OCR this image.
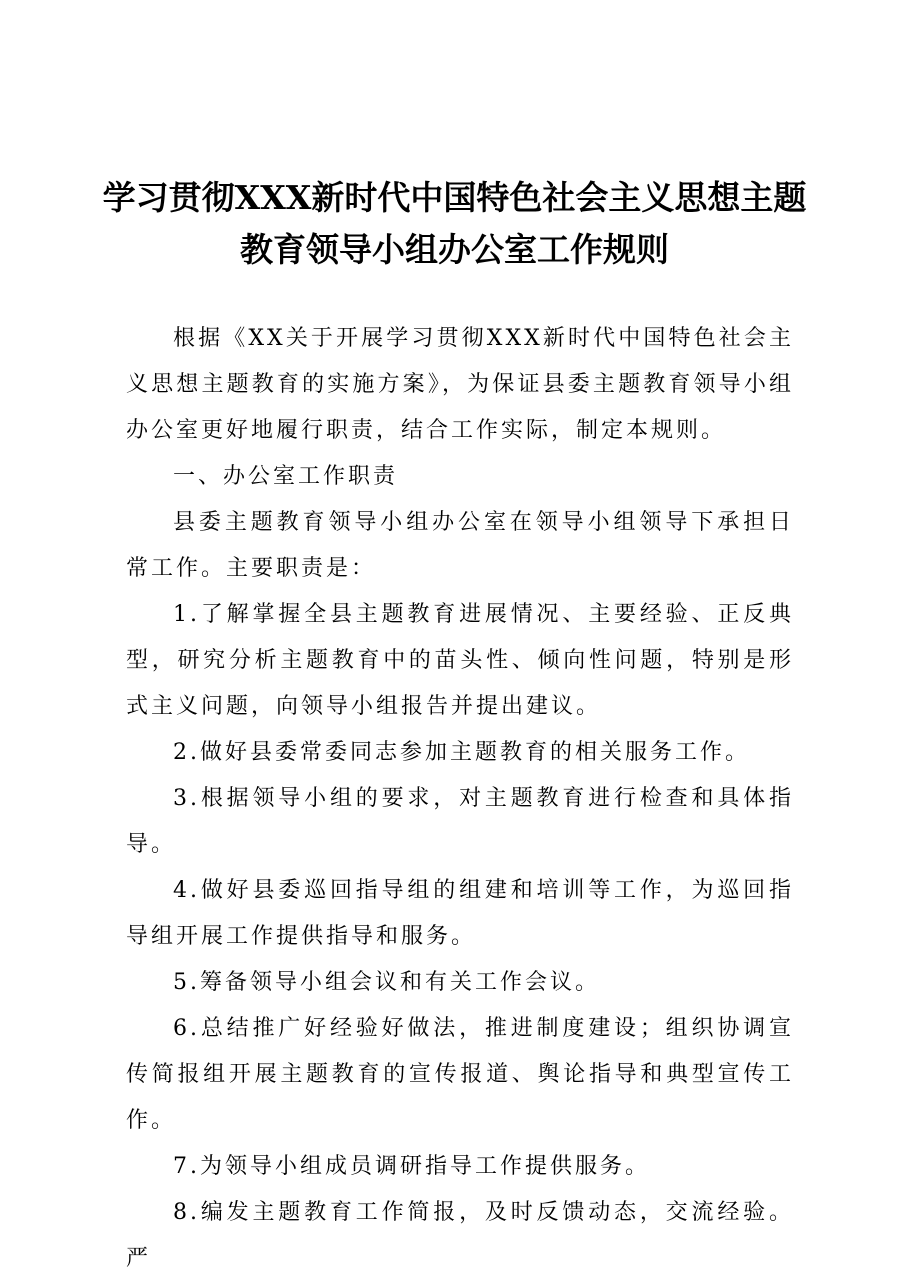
学习贯彻XXX新时代中国特色社会主义思想主题教育领导小组办公室工作规则

根据《XX关于开展学习贯彻XXX新时代中国特色社会主义思想主题教育的实施方案》，为保证县委主题教育领导小组办公室更好地履行职责，结合工作实际，制定本规则。

一、办公室工作职责

县委主题教育领导小组办公室在领导小组领导下承担日常工作。主要职责是：

1.了解掌握全县主题教育进展情况、主要经验、正反典型，研究分析主题教育中的苗头性、倾向性问题，特别是形式主义问题，向领导小组报告并提出建议。

2.做好县委常委同志参加主题教育的相关服务工作。

3.根据领导小组的要求，对主题教育进行检查和具体指导。

4.做好县委巡回指导组的组建和培训等工作，为巡回指导组开展工作提供指导和服务。

5.筹备领导小组会议和有关工作会议。

6.总结推广好经验好做法，推进制度建设；组织协调宣传简报组开展主题教育的宣传报道、舆论指导和典型宣传工作。

7.为领导小组成员调研指导工作提供服务。

8.编发主题教育工作简报，及时反馈动态，交流经验。严
